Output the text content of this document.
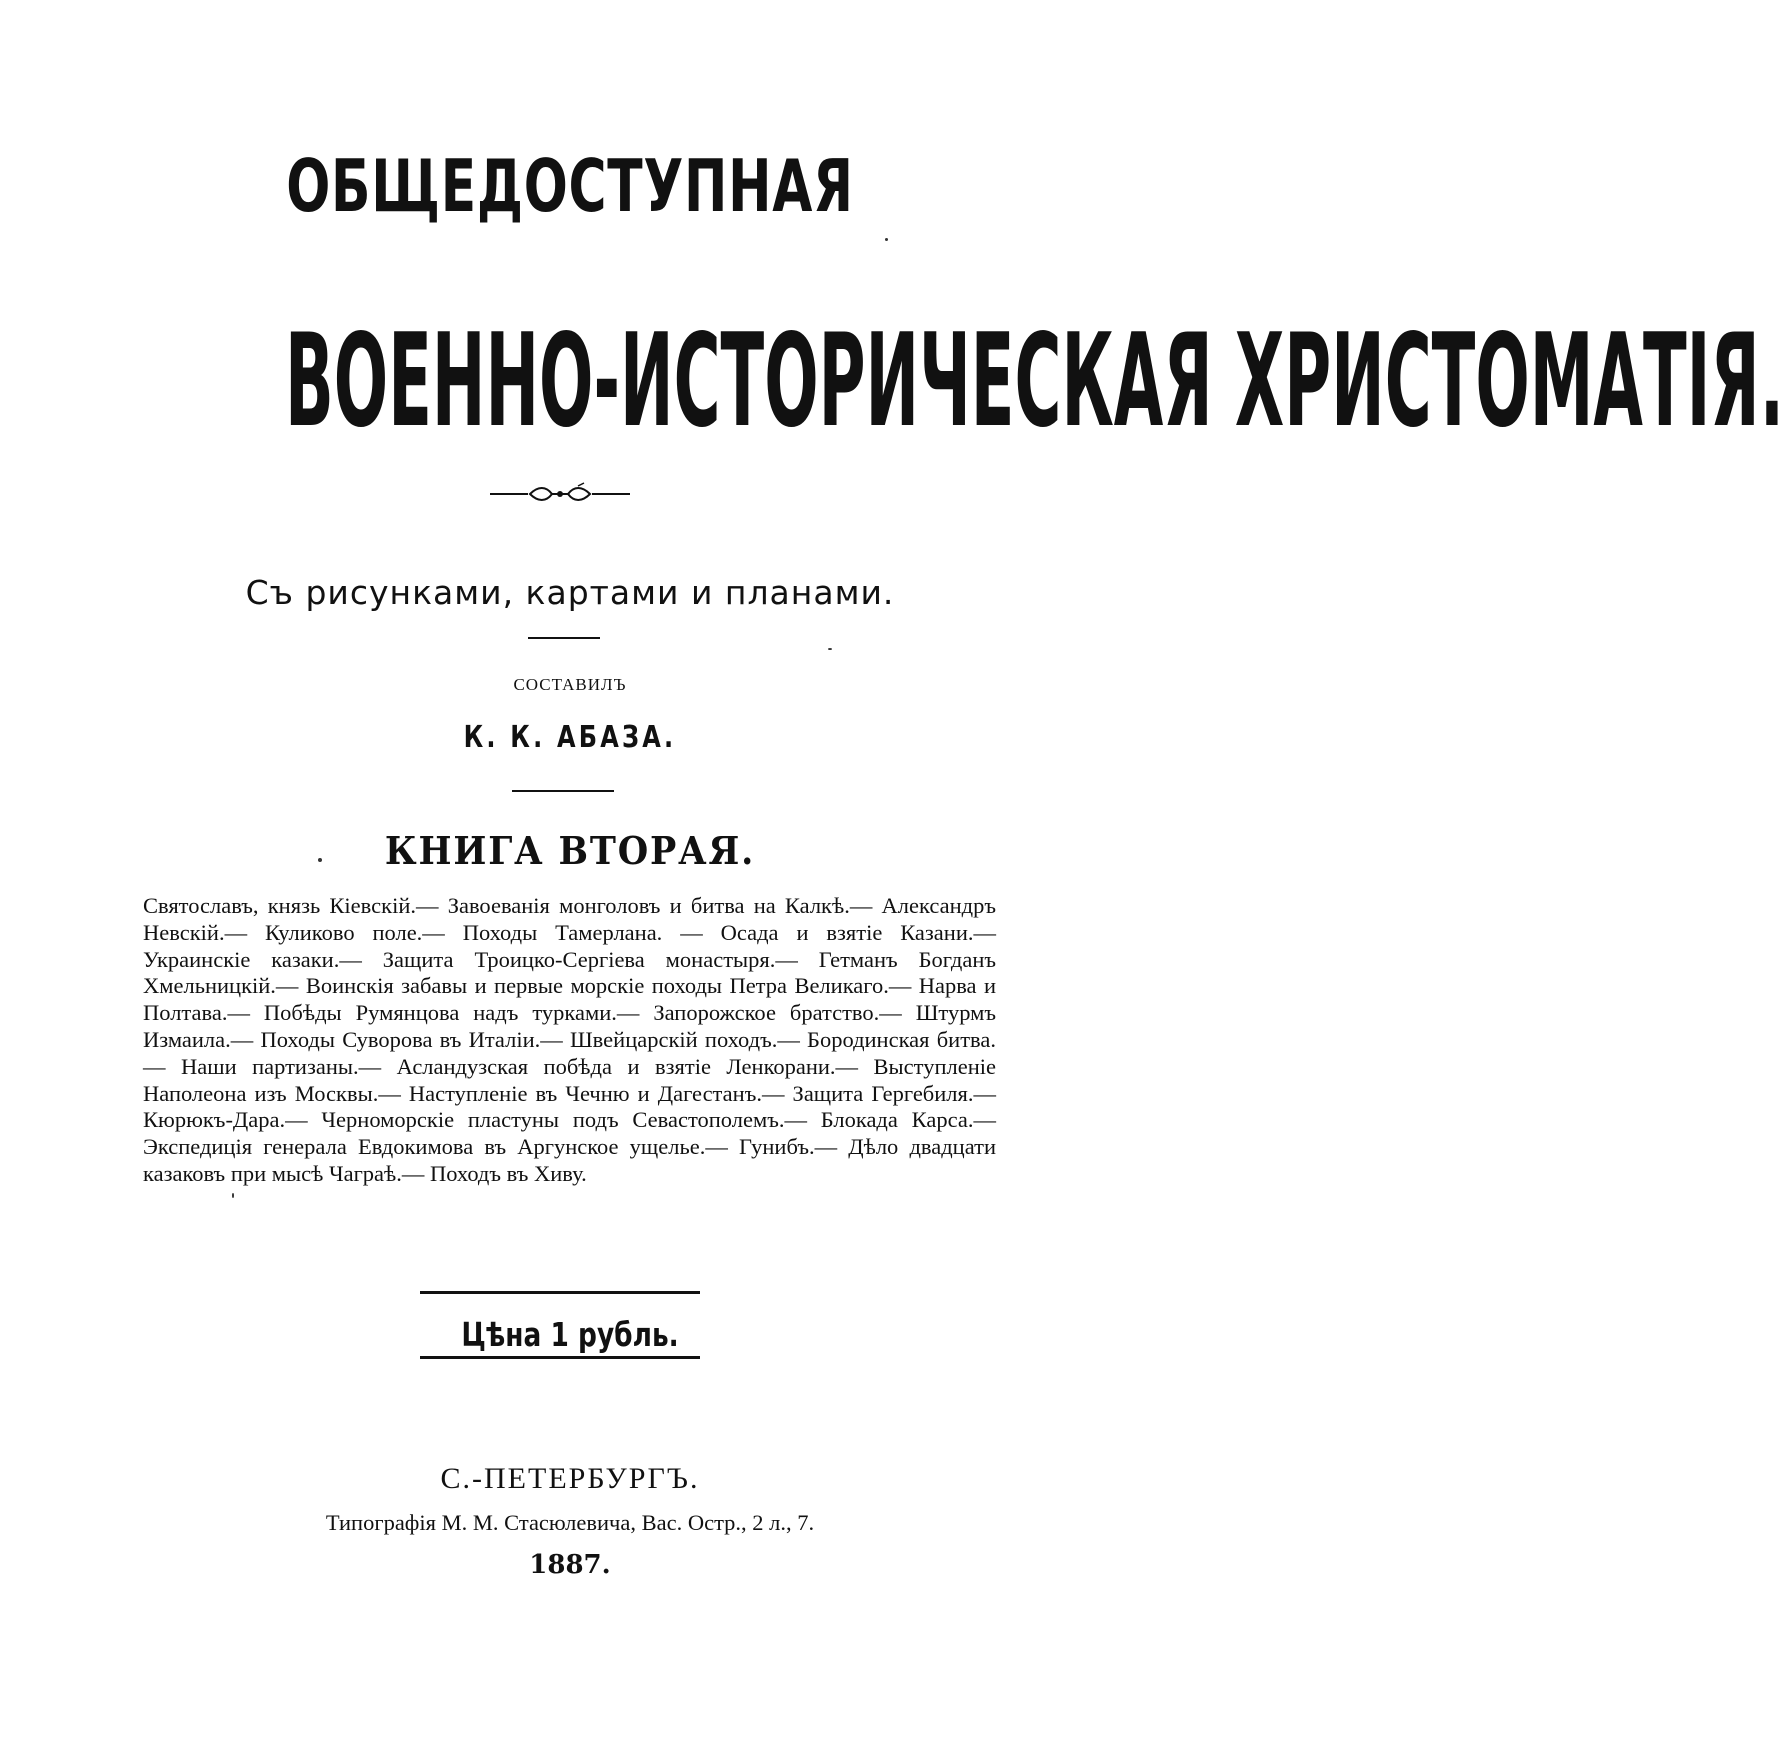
ОБЩЕДОСТУПНАЯ
ВОЕННО-ИСТОРИЧЕСКАЯ ХРИСТОМАТІЯ.
Съ рисунками, картами и планами.
СОСТАВИЛЪ
К. К. АБАЗА.
КНИГА ВТОРАЯ.
Святославъ, князь Кіевскій.— Завоеванія монголовъ и битва на Калкѣ.— Александръ Невскій.— Куликово поле.— Походы Тамерлана. — Осада и взятіе Казани.— Украинскіе казаки.— Защита Троицко-Сергіева монастыря.— Гетманъ Богданъ Хмельницкій.— Воинскія забавы и первые морскіе походы Петра Великаго.— Нарва и Полтава.— Побѣды Румянцова надъ турками.— Запорожское братство.— Штурмъ Измаила.— Походы Суворова въ Италіи.— Швейцарскій походъ.— Бородинская битва.— Наши партизаны.— Асландузская побѣда и взятіе Ленкорани.— Выступленіе Наполеона изъ Москвы.— Наступленіе въ Чечню и Дагестанъ.— Защита Гергебиля.— Кюрюкъ-Дара.— Черноморскіе пластуны подъ Севастополемъ.— Блокада Карса.— Экспедиція генерала Евдокимова въ Аргунское ущелье.— Гунибъ.— Дѣло двадцати казаковъ при мысѣ Чаграѣ.— Походъ въ Хиву.
Цѣна 1 рубль.
С.-ПЕТЕРБУРГЪ.
Типографія М. М. Стасюлевича, Вас. Остр., 2 л., 7.
1887.
